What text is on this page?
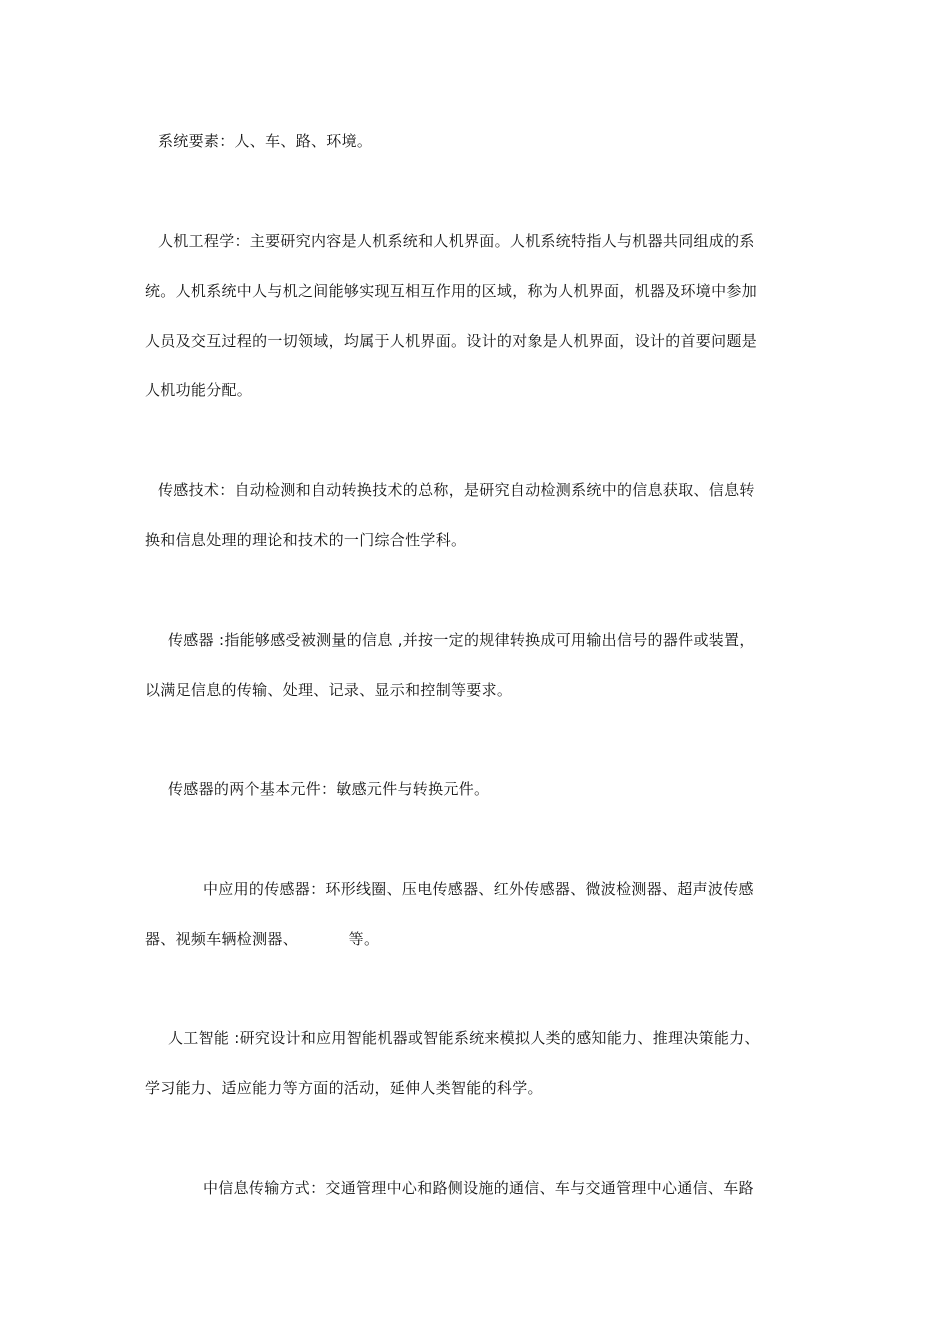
系统要素：人、车、路、环境。
人机工程学：主要研究内容是人机系统和人机界面。人机系统特指人与机器共同组成的系
统。人机系统中人与机之间能够实现互相互作用的区域，称为人机界面，机器及环境中参加
人员及交互过程的一切领域，均属于人机界面。设计的对象是人机界面，设计的首要问题是
人机功能分配。
传感技术：自动检测和自动转换技术的总称，是研究自动检测系统中的信息获取、信息转
换和信息处理的理论和技术的一门综合性学科。
传感器 :指能够感受被测量的信息 ,并按一定的规律转换成可用输出信号的器件或装置，
以满足信息的传输、处理、记录、显示和控制等要求。
传感器的两个基本元件：敏感元件与转换元件。
中应用的传感器：环形线圈、压电传感器、红外传感器、微波检测器、超声波传感
器、视频车辆检测器、          等。
人工智能 :研究设计和应用智能机器或智能系统来模拟人类的感知能力、推理决策能力、
学习能力、适应能力等方面的活动，延伸人类智能的科学。
中信息传输方式：交通管理中心和路侧设施的通信、车与交通管理中心通信、车路
